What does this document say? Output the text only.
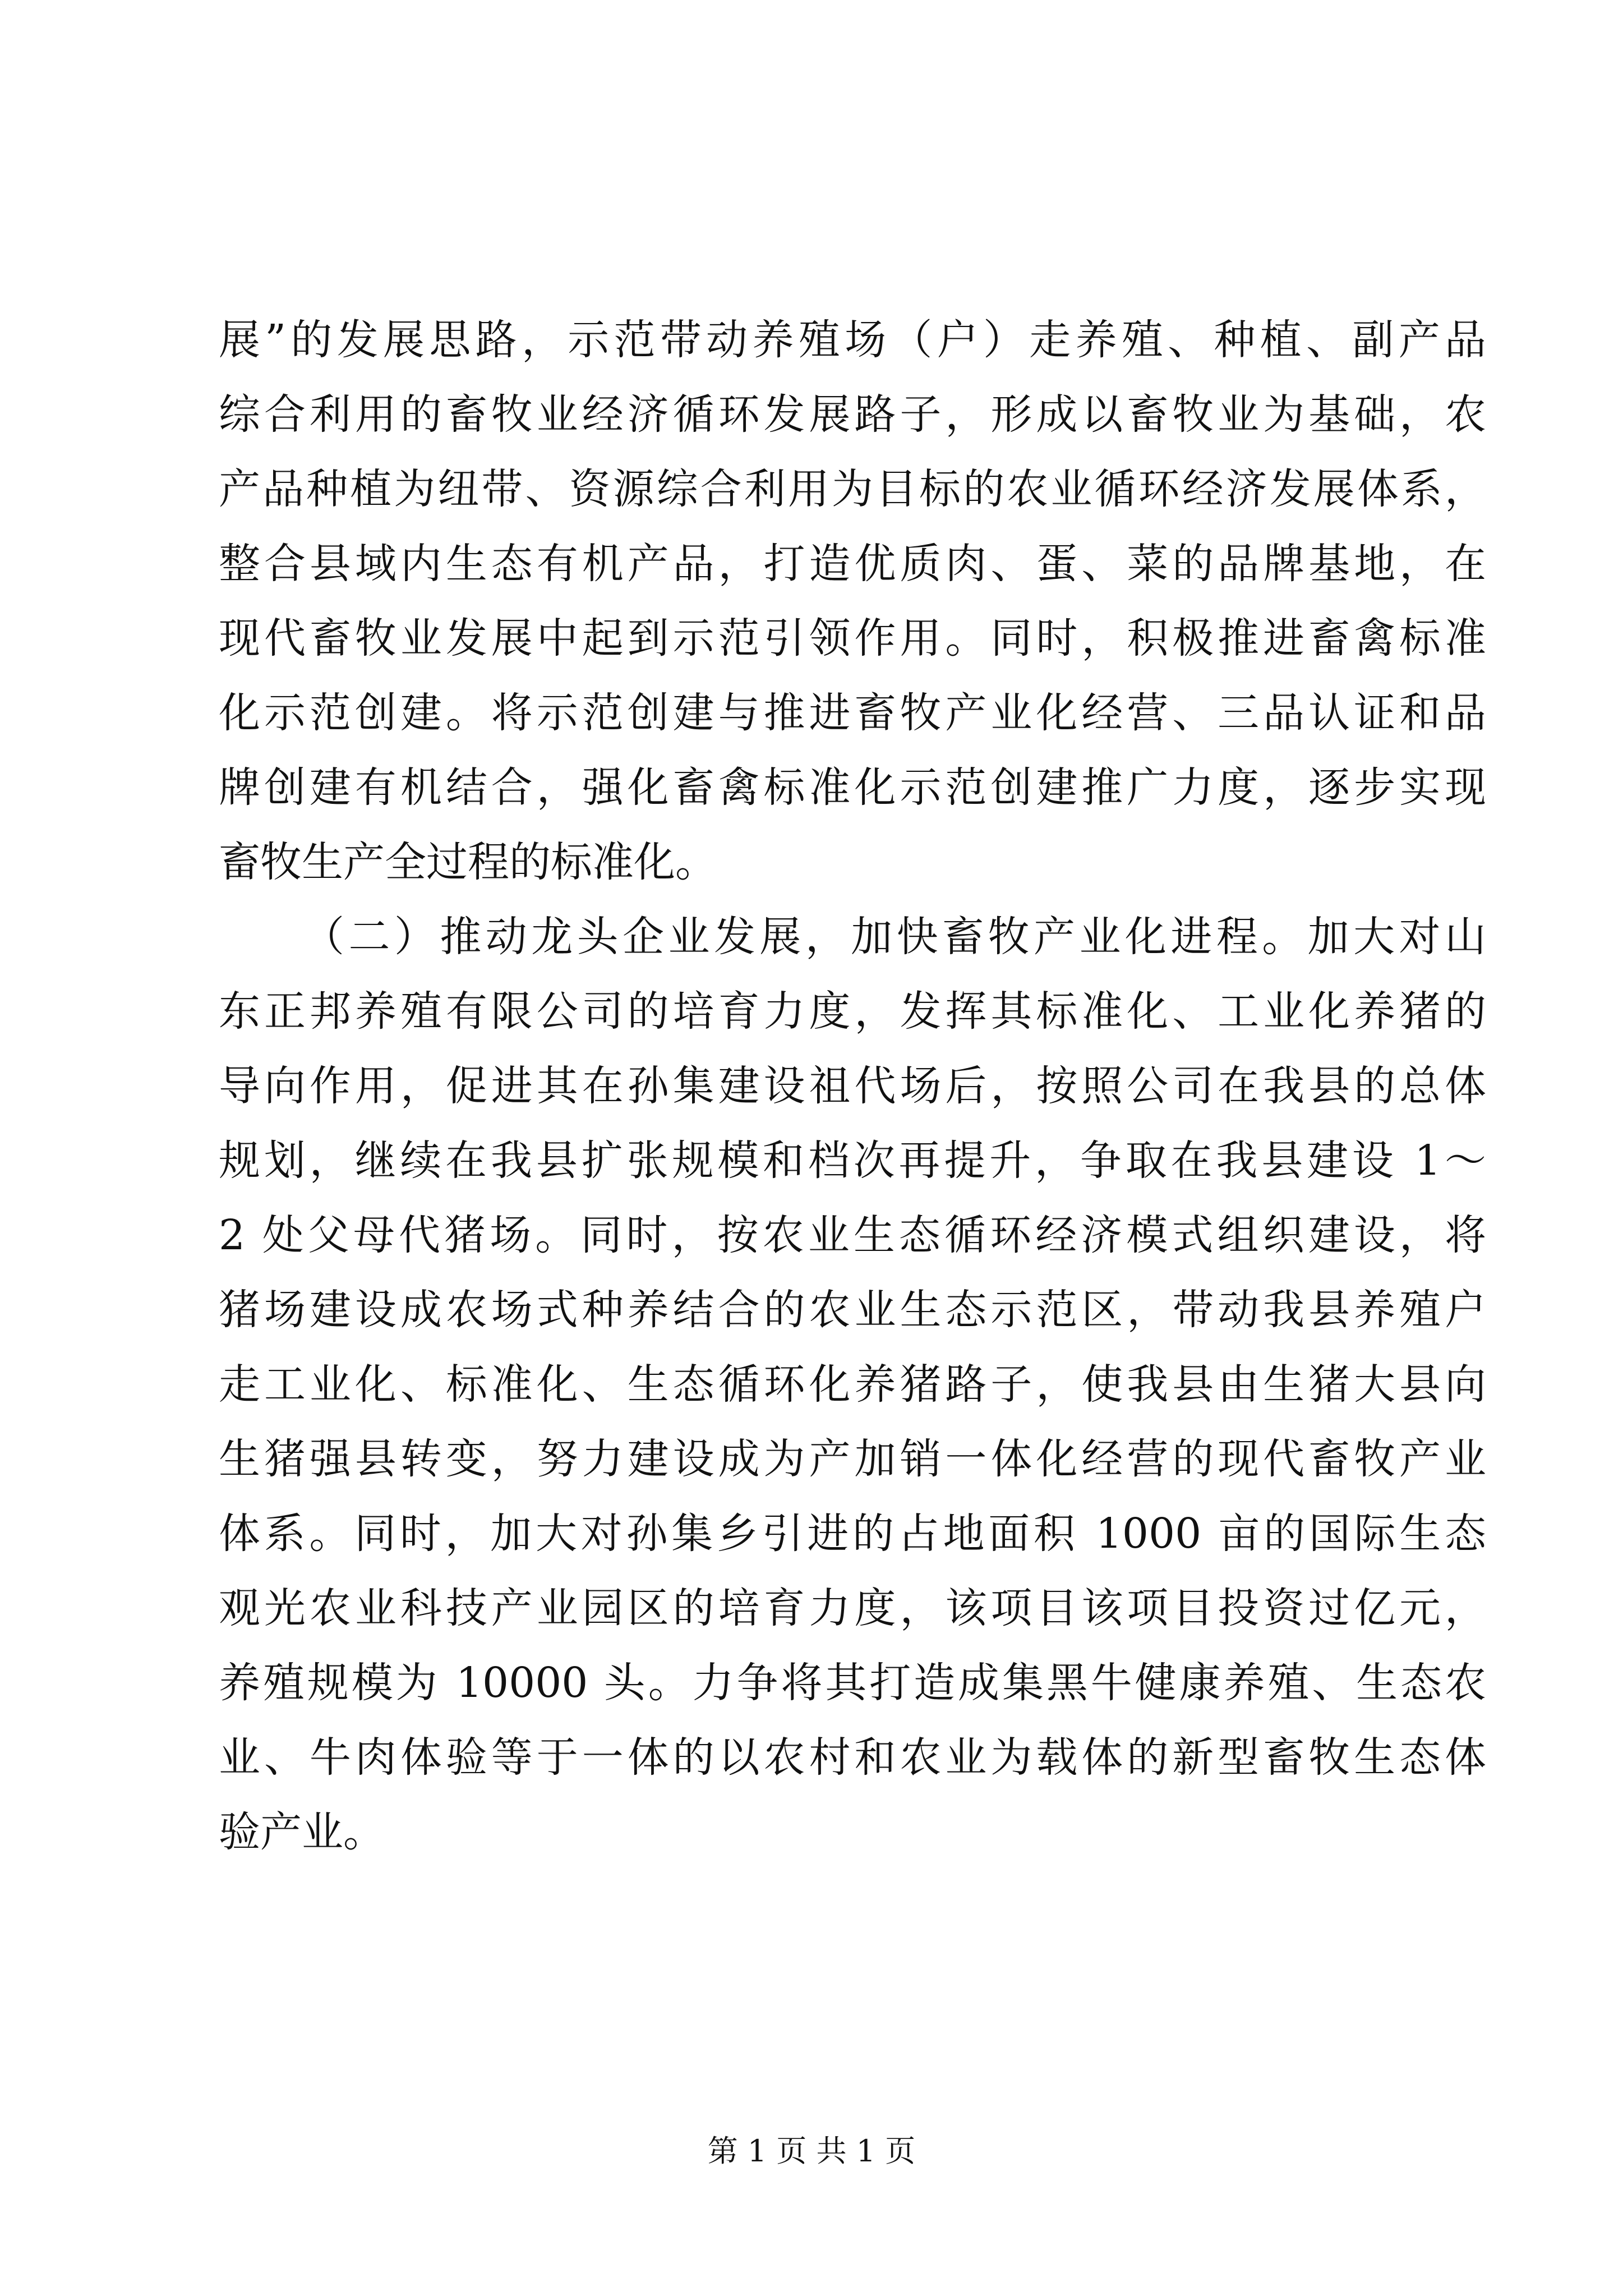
展”的发展思路，示范带动养殖场（户）走养殖、种植、副产品
综合利用的畜牧业经济循环发展路子，形成以畜牧业为基础，农
产品种植为纽带、资源综合利用为目标的农业循环经济发展体系，
整合县域内生态有机产品，打造优质肉、蛋、菜的品牌基地，在
现代畜牧业发展中起到示范引领作用。同时，积极推进畜禽标准
化示范创建。将示范创建与推进畜牧产业化经营、三品认证和品
牌创建有机结合，强化畜禽标准化示范创建推广力度，逐步实现
畜牧生产全过程的标准化。
（二）推动龙头企业发展，加快畜牧产业化进程。加大对山
东正邦养殖有限公司的培育力度，发挥其标准化、工业化养猪的
导向作用，促进其在孙集建设祖代场后，按照公司在我县的总体
规划，继续在我县扩张规模和档次再提升，争取在我县建设 1～
2 处父母代猪场。同时，按农业生态循环经济模式组织建设，将
猪场建设成农场式种养结合的农业生态示范区，带动我县养殖户
走工业化、标准化、生态循环化养猪路子，使我县由生猪大县向
生猪强县转变，努力建设成为产加销一体化经营的现代畜牧产业
体系。同时，加大对孙集乡引进的占地面积 1000 亩的国际生态
观光农业科技产业园区的培育力度，该项目该项目投资过亿元，
养殖规模为 10000 头。力争将其打造成集黑牛健康养殖、生态农
业、牛肉体验等于一体的以农村和农业为载体的新型畜牧生态体
验产业。
第 1 页 共 1 页
